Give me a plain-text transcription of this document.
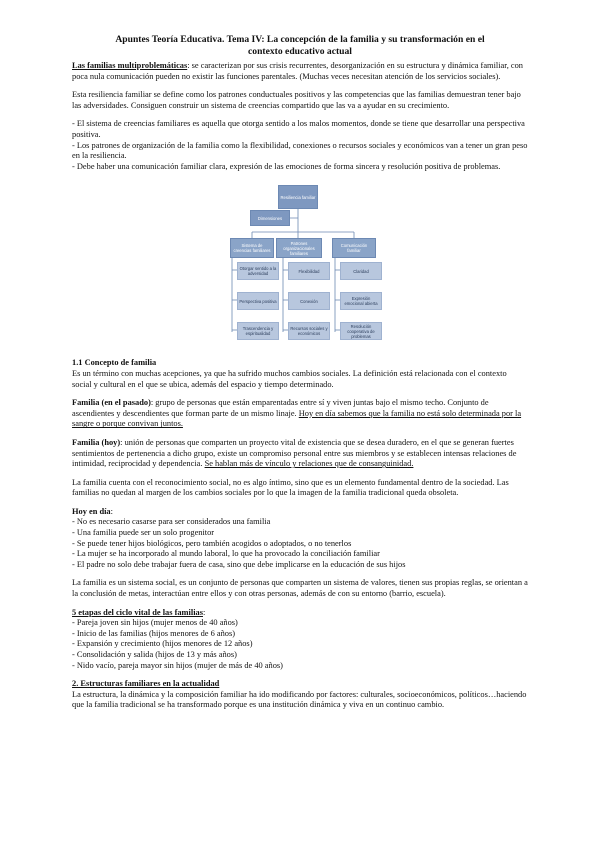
Apuntes Teoría Educativa. Tema IV: La concepción de la familia y su transformación en el
contexto educativo actual

Las familias multiproblemáticas: se caracterizan por sus crisis recurrentes, desorganización en su estructura y dinámica familiar, con poca nula comunicación pueden no existir las funciones parentales. (Muchas veces necesitan atención de los servicios sociales).

Esta resiliencia familiar se define como los patrones conductuales positivos y las competencias que las familias demuestran tener bajo las adversidades. Consiguen construir un sistema de creencias compartido que las va a ayudar en su crecimiento.

- El sistema de creencias familiares es aquella que otorga sentido a los malos momentos, donde se tiene que desarrollar una perspectiva positiva.

- Los patrones de organización de la familia como la flexibilidad, conexiones o recursos sociales y económicos van a tener un gran peso en la resiliencia.

- Debe haber una comunicación familiar clara, expresión de las emociones de forma sincera y resolución positiva de problemas.

Resiliencia familiar
Dimensiones
Sistema de creencias familiares
Patrones organizacionales familiares
Comunicación familiar
Otorgar sentido a la adversidad
Perspectiva positiva
Trascendencia y espiritualidad
Flexibilidad
Conexión
Recursos sociales y económicos
Claridad
Expresión emocional abierta
Resolución cooperativa de problemas

1.1 Concepto de familia

Es un término con muchas acepciones, ya que ha sufrido muchos cambios sociales. La definición está relacionada con el contexto social y cultural en el que se ubica, además del espacio y tiempo determinado.

Familia (en el pasado): grupo de personas que están emparentadas entre sí y viven juntas bajo el mismo techo. Conjunto de ascendientes y descendientes que forman parte de un mismo linaje. Hoy en día sabemos que la familia no está solo determinada por la sangre o porque convivan juntos.

Familia (hoy): unión de personas que comparten un proyecto vital de existencia que se desea duradero, en el que se generan fuertes sentimientos de pertenencia a dicho grupo, existe un compromiso personal entre sus miembros y se establecen intensas relaciones de intimidad, reciprocidad y dependencia. Se hablan más de vínculo y relaciones que de consanguinidad.

La familia cuenta con el reconocimiento social, no es algo íntimo, sino que es un elemento fundamental dentro de la sociedad. Las familias no quedan al margen de los cambios sociales por lo que la imagen de la familia tradicional queda obsoleta.

Hoy en día:

- No es necesario casarse para ser considerados una familia

- Una familia puede ser un solo progenitor

- Se puede tener hijos biológicos, pero también acogidos o adoptados, o no tenerlos

- La mujer se ha incorporado al mundo laboral, lo que ha provocado la conciliación familiar

- El padre no solo debe trabajar fuera de casa, sino que debe implicarse en la educación de sus hijos

La familia es un sistema social, es un conjunto de personas que comparten un sistema de valores, tienen sus propias reglas, se orientan a la conclusión de metas, interactúan entre ellos y con otras personas, además de con su entorno (barrio, escuela).

5 etapas del ciclo vital de las familias:

- Pareja joven sin hijos (mujer menos de 40 años)

- Inicio de las familias (hijos menores de 6 años)

- Expansión y crecimiento (hijos menores de 12 años)

- Consolidación y salida (hijos de 13 y más años)

- Nido vacío, pareja mayor sin hijos (mujer de más de 40 años)

2. Estructuras familiares en la actualidad

La estructura, la dinámica y la composición familiar ha ido modificando por factores: culturales, socioeconómicos, políticos…haciendo que la familia tradicional se ha transformado porque es una institución dinámica y viva en un continuo cambio.
